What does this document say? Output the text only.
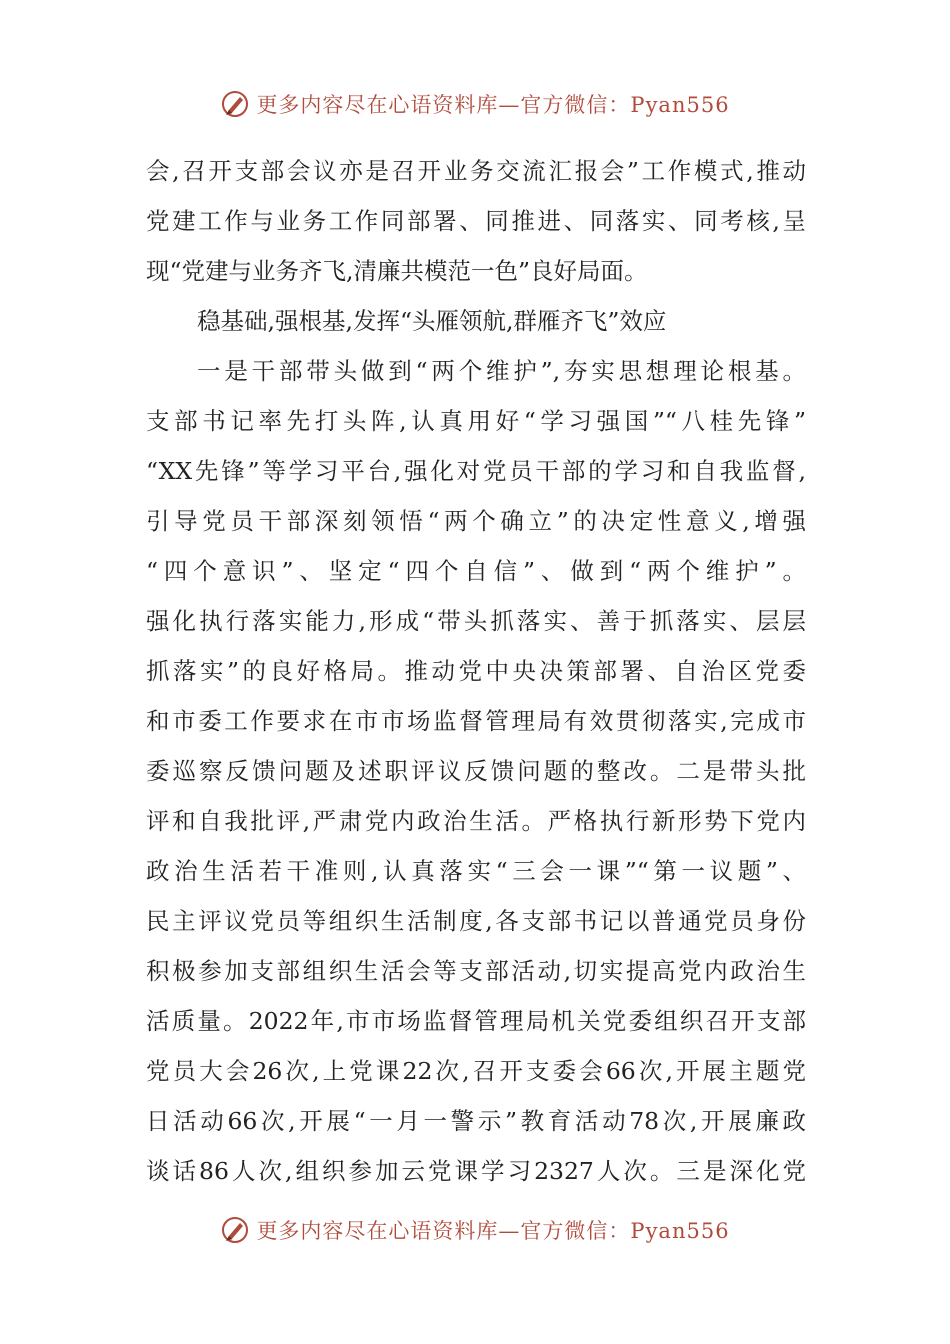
更多内容尽在心语资料库—官方微信：Pyan556
会,召开支部会议亦是召开业务交流汇报会”工作模式,推动
党建工作与业务工作同部署、同推进、同落实、同考核,呈
现“党建与业务齐飞,清廉共模范一色”良好局面。
稳基础,强根基,发挥“头雁领航,群雁齐飞”效应
一是干部带头做到“两个维护”,夯实思想理论根基。
支部书记率先打头阵,认真用好“学习强国”“八桂先锋”
“XX先锋”等学习平台,强化对党员干部的学习和自我监督,
引导党员干部深刻领悟“两个确立”的决定性意义,增强
“四个意识”、坚定“四个自信”、做到“两个维护”。
强化执行落实能力,形成“带头抓落实、善于抓落实、层层
抓落实”的良好格局。推动党中央决策部署、自治区党委
和市委工作要求在市市场监督管理局有效贯彻落实,完成市
委巡察反馈问题及述职评议反馈问题的整改。二是带头批
评和自我批评,严肃党内政治生活。严格执行新形势下党内
政治生活若干准则,认真落实“三会一课”“第一议题”、
民主评议党员等组织生活制度,各支部书记以普通党员身份
积极参加支部组织生活会等支部活动,切实提高党内政治生
活质量。2022年,市市场监督管理局机关党委组织召开支部
党员大会26次,上党课22次,召开支委会66次,开展主题党
日活动66次,开展“一月一警示”教育活动78次,开展廉政
谈话86人次,组织参加云党课学习2327人次。三是深化党
更多内容尽在心语资料库—官方微信：Pyan556
